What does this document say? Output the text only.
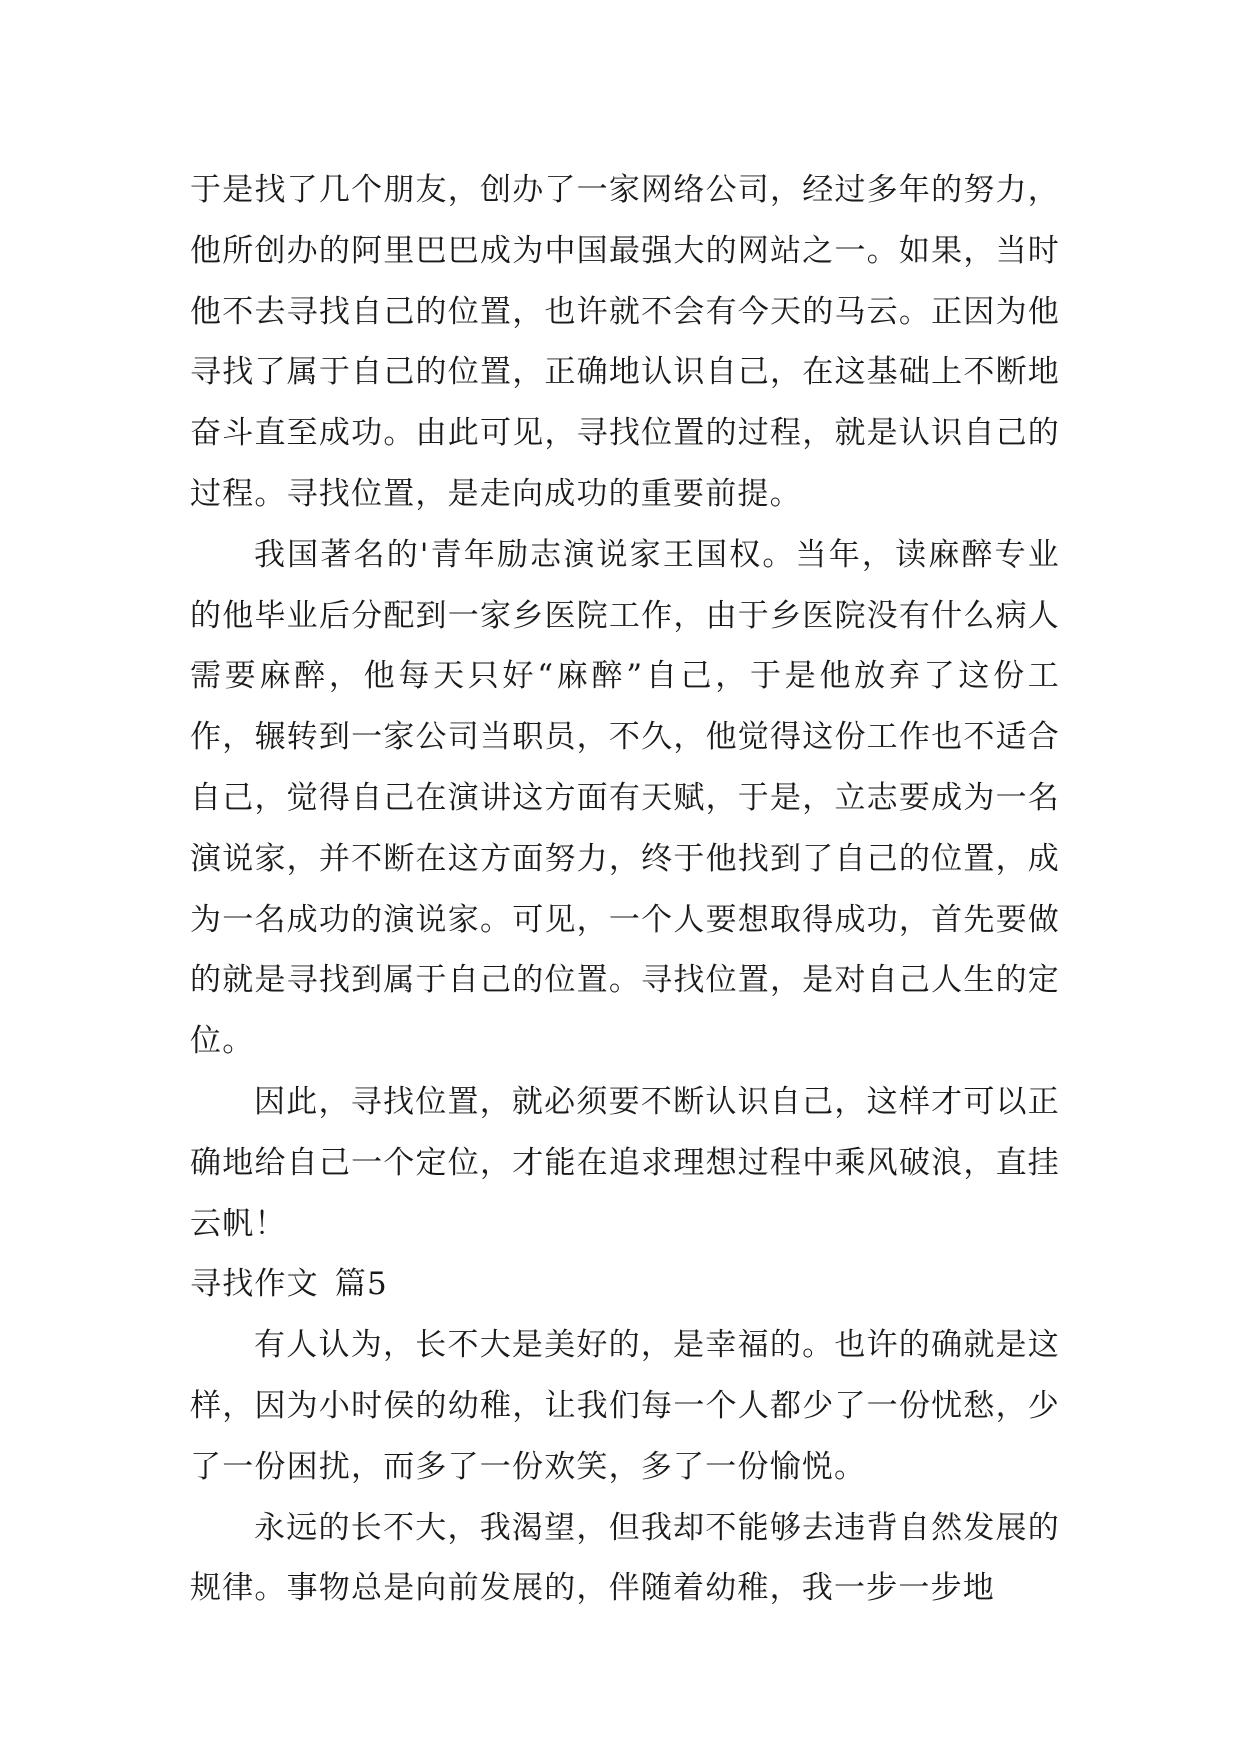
于是找了几个朋友，创办了一家网络公司，经过多年的努力，他所创办的阿里巴巴成为中国最强大的网站之一。如果，当时他不去寻找自己的位置，也许就不会有今天的马云。正因为他寻找了属于自己的位置，正确地认识自己，在这基础上不断地奋斗直至成功。由此可见，寻找位置的过程，就是认识自己的过程。寻找位置，是走向成功的重要前提。

我国著名的'青年励志演说家王国权。当年，读麻醉专业的他毕业后分配到一家乡医院工作，由于乡医院没有什么病人需要麻醉，他每天只好“麻醉”自己，于是他放弃了这份工作，辗转到一家公司当职员，不久，他觉得这份工作也不适合自己，觉得自己在演讲这方面有天赋，于是，立志要成为一名演说家，并不断在这方面努力，终于他找到了自己的位置，成为一名成功的演说家。可见，一个人要想取得成功，首先要做的就是寻找到属于自己的位置。寻找位置，是对自己人生的定位。

因此，寻找位置，就必须要不断认识自己，这样才可以正确地给自己一个定位，才能在追求理想过程中乘风破浪，直挂云帆！

寻找作文 篇5

有人认为，长不大是美好的，是幸福的。也许的确就是这样，因为小时侯的幼稚，让我们每一个人都少了一份忧愁，少了一份困扰，而多了一份欢笑，多了一份愉悦。

永远的长不大，我渴望，但我却不能够去违背自然发展的规律。事物总是向前发展的，伴随着幼稚，我一步一步地
